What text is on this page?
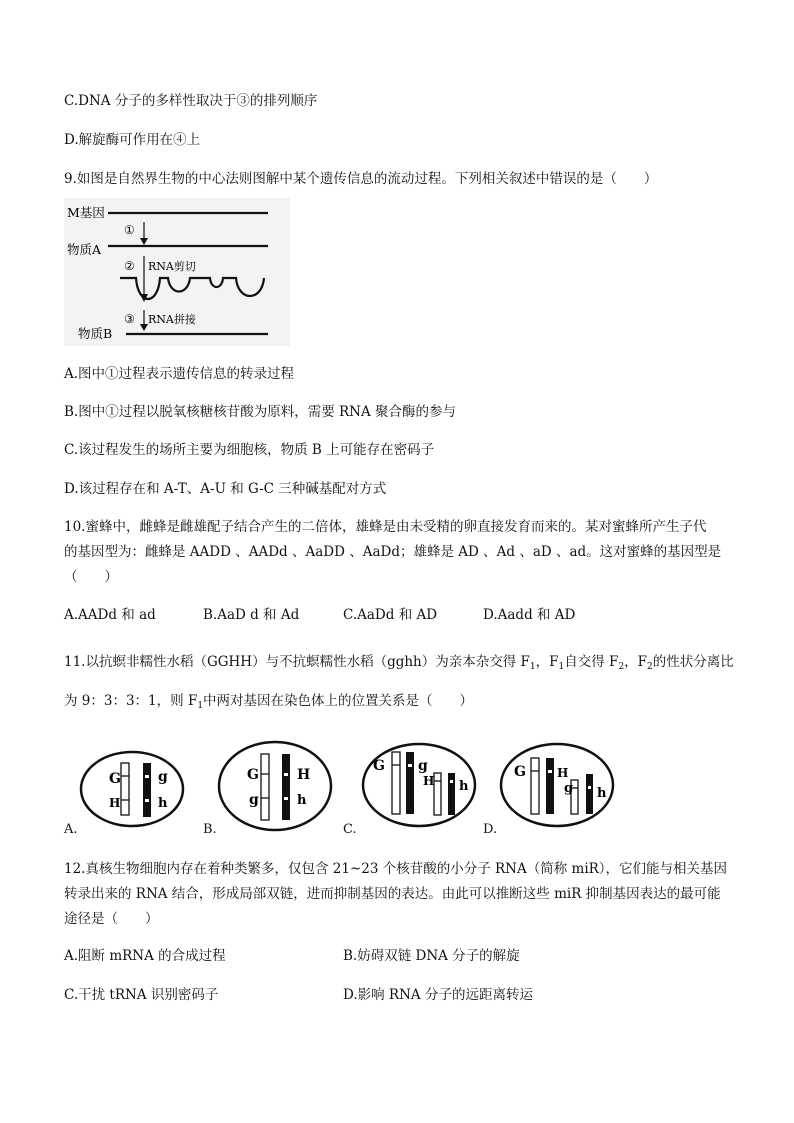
C.DNA 分子的多样性取决于③的排列顺序
D.解旋酶可作用在④上
9.如图是自然界生物的中心法则图解中某个遗传信息的流动过程。下列相关叙述中错误的是（　　）
M基因
①
物质A
② RNA剪切
③ RNA拼接
物质B
A.图中①过程表示遗传信息的转录过程
B.图中①过程以脱氧核糖核苷酸为原料，需要 RNA 聚合酶的参与
C.该过程发生的场所主要为细胞核，物质 B 上可能存在密码子
D.该过程存在和 A-T、A-U 和 G-C 三种碱基配对方式
10.蜜蜂中，雌蜂是雌雄配子结合产生的二倍体，雄蜂是由未受精的卵直接发育而来的。某对蜜蜂所产生子代
的基因型为：雌蜂是 AADD 、AADd 、AaDD 、AaDd；雄蜂是 AD 、Ad 、aD 、ad。这对蜜蜂的基因型是
（　　）
A.AADd 和 ad	B.AaD d 和 Ad	C.AaDd 和 AD	D.Aadd 和 AD
11.以抗螟非糯性水稻（GGHH）与不抗螟糯性水稻（gghh）为亲本杂交得 $F_1$，$F_1$自交得 $F_2$，$F_2$的性状分离比
为 9：3：3：1，则 $F_1$中两对基因在染色体上的位置关系是（　　）
G
H
g
h
A.
G
g
H
h
B.
G g
H h
C.
G	H
g h
D.
12.真核生物细胞内存在着种类繁多，仅包含 21~23 个核苷酸的小分子 RNA（简称 miR），它们能与相关基因
转录出来的 RNA 结合，形成局部双链，进而抑制基因的表达。由此可以推断这些 miR 抑制基因表达的最可能
途径是（　　）
A.阻断 mRNA 的合成过程	B.妨碍双链 DNA 分子的解旋
C.干扰 tRNA 识别密码子	D.影响 RNA 分子的远距离转运
